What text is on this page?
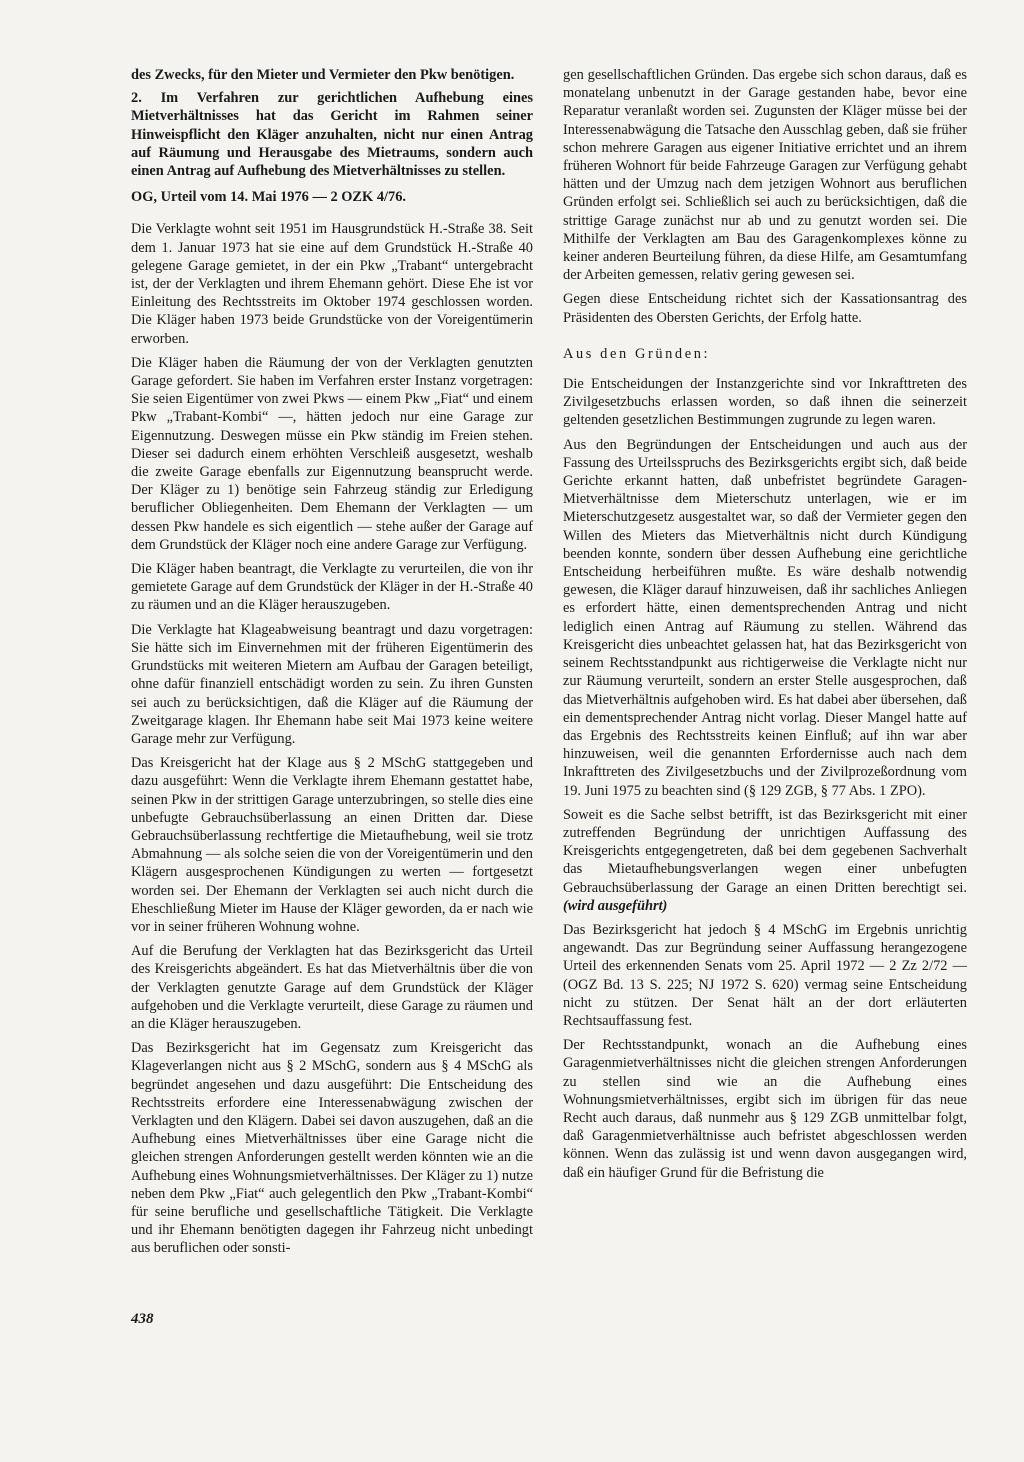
des Zwecks, für den Mieter und Vermieter den Pkw benötigen.

2. Im Verfahren zur gerichtlichen Aufhebung eines Mietverhältnisses hat das Gericht im Rahmen seiner Hinweispflicht den Kläger anzuhalten, nicht nur einen Antrag auf Räumung und Herausgabe des Mietraums, sondern auch einen Antrag auf Aufhebung des Mietverhältnisses zu stellen.

OG, Urteil vom 14. Mai 1976 — 2 OZK 4/76.

Die Verklagte wohnt seit 1951 im Hausgrundstück H.-Straße 38. Seit dem 1. Januar 1973 hat sie eine auf dem Grundstück H.-Straße 40 gelegene Garage gemietet, in der ein Pkw „Trabant“ untergebracht ist, der der Verklagten und ihrem Ehemann gehört. Diese Ehe ist vor Einleitung des Rechtsstreits im Oktober 1974 geschlossen worden. Die Kläger haben 1973 beide Grundstücke von der Voreigentümerin erworben.

Die Kläger haben die Räumung der von der Verklagten genutzten Garage gefordert. Sie haben im Verfahren erster Instanz vorgetragen: Sie seien Eigentümer von zwei Pkws — einem Pkw „Fiat“ und einem Pkw „Trabant-Kombi“ —, hätten jedoch nur eine Garage zur Eigennutzung. Deswegen müsse ein Pkw ständig im Freien stehen. Dieser sei dadurch einem erhöhten Verschleiß ausgesetzt, weshalb die zweite Garage ebenfalls zur Eigennutzung beansprucht werde. Der Kläger zu 1) benötige sein Fahrzeug ständig zur Erledigung beruflicher Obliegenheiten. Dem Ehemann der Verklagten — um dessen Pkw handele es sich eigentlich — stehe außer der Garage auf dem Grundstück der Kläger noch eine andere Garage zur Verfügung.

Die Kläger haben beantragt, die Verklagte zu verurteilen, die von ihr gemietete Garage auf dem Grundstück der Kläger in der H.-Straße 40 zu räumen und an die Kläger herauszugeben.

Die Verklagte hat Klageabweisung beantragt und dazu vorgetragen: Sie hätte sich im Einvernehmen mit der früheren Eigentümerin des Grundstücks mit weiteren Mietern am Aufbau der Garagen beteiligt, ohne dafür finanziell entschädigt worden zu sein. Zu ihren Gunsten sei auch zu berücksichtigen, daß die Kläger auf die Räumung der Zweitgarage klagen. Ihr Ehemann habe seit Mai 1973 keine weitere Garage mehr zur Verfügung.

Das Kreisgericht hat der Klage aus § 2 MSchG stattgegeben und dazu ausgeführt: Wenn die Verklagte ihrem Ehemann gestattet habe, seinen Pkw in der strittigen Garage unterzubringen, so stelle dies eine unbefugte Gebrauchsüberlassung an einen Dritten dar. Diese Gebrauchsüberlassung rechtfertige die Mietaufhebung, weil sie trotz Abmahnung — als solche seien die von der Voreigentümerin und den Klägern ausgesprochenen Kündigungen zu werten — fortgesetzt worden sei. Der Ehemann der Verklagten sei auch nicht durch die Eheschließung Mieter im Hause der Kläger geworden, da er nach wie vor in seiner früheren Wohnung wohne.

Auf die Berufung der Verklagten hat das Bezirksgericht das Urteil des Kreisgerichts abgeändert. Es hat das Mietverhältnis über die von der Verklagten genutzte Garage auf dem Grundstück der Kläger aufgehoben und die Verklagte verurteilt, diese Garage zu räumen und an die Kläger herauszugeben.

Das Bezirksgericht hat im Gegensatz zum Kreisgericht das Klageverlangen nicht aus § 2 MSchG, sondern aus § 4 MSchG als begründet angesehen und dazu ausgeführt: Die Entscheidung des Rechtsstreits erfordere eine Interessenabwägung zwischen der Verklagten und den Klägern. Dabei sei davon auszugehen, daß an die Aufhebung eines Mietverhältnisses über eine Garage nicht die gleichen strengen Anforderungen gestellt werden könnten wie an die Aufhebung eines Wohnungsmietverhältnisses. Der Kläger zu 1) nutze neben dem Pkw „Fiat“ auch gelegentlich den Pkw „Trabant-Kombi“ für seine berufliche und gesellschaftliche Tätigkeit. Die Verklagte und ihr Ehemann benötigten dagegen ihr Fahrzeug nicht unbedingt aus beruflichen oder sonsti-

gen gesellschaftlichen Gründen. Das ergebe sich schon daraus, daß es monatelang unbenutzt in der Garage gestanden habe, bevor eine Reparatur veranlaßt worden sei. Zugunsten der Kläger müsse bei der Interessenabwägung die Tatsache den Ausschlag geben, daß sie früher schon mehrere Garagen aus eigener Initiative errichtet und an ihrem früheren Wohnort für beide Fahrzeuge Garagen zur Verfügung gehabt hätten und der Umzug nach dem jetzigen Wohnort aus beruflichen Gründen erfolgt sei. Schließlich sei auch zu berücksichtigen, daß die strittige Garage zunächst nur ab und zu genutzt worden sei. Die Mithilfe der Verklagten am Bau des Garagenkomplexes könne zu keiner anderen Beurteilung führen, da diese Hilfe, am Gesamtumfang der Arbeiten gemessen, relativ gering gewesen sei.

Gegen diese Entscheidung richtet sich der Kassationsantrag des Präsidenten des Obersten Gerichts, der Erfolg hatte.

Aus den Gründen:

Die Entscheidungen der Instanzgerichte sind vor Inkrafttreten des Zivilgesetzbuchs erlassen worden, so daß ihnen die seinerzeit geltenden gesetzlichen Bestimmungen zugrunde zu legen waren.

Aus den Begründungen der Entscheidungen und auch aus der Fassung des Urteilsspruchs des Bezirksgerichts ergibt sich, daß beide Gerichte erkannt hatten, daß unbefristet begründete Garagen-Mietverhältnisse dem Mieterschutz unterlagen, wie er im Mieterschutzgesetz ausgestaltet war, so daß der Vermieter gegen den Willen des Mieters das Mietverhältnis nicht durch Kündigung beenden konnte, sondern über dessen Aufhebung eine gerichtliche Entscheidung herbeiführen mußte. Es wäre deshalb notwendig gewesen, die Kläger darauf hinzuweisen, daß ihr sachliches Anliegen es erfordert hätte, einen dementsprechenden Antrag und nicht lediglich einen Antrag auf Räumung zu stellen. Während das Kreisgericht dies unbeachtet gelassen hat, hat das Bezirksgericht von seinem Rechtsstandpunkt aus richtigerweise die Verklagte nicht nur zur Räumung verurteilt, sondern an erster Stelle ausgesprochen, daß das Mietverhältnis aufgehoben wird. Es hat dabei aber übersehen, daß ein dementsprechender Antrag nicht vorlag. Dieser Mangel hatte auf das Ergebnis des Rechtsstreits keinen Einfluß; auf ihn war aber hinzuweisen, weil die genannten Erfordernisse auch nach dem Inkrafttreten des Zivilgesetzbuchs und der Zivilprozeßordnung vom 19. Juni 1975 zu beachten sind (§ 129 ZGB, § 77 Abs. 1 ZPO).

Soweit es die Sache selbst betrifft, ist das Bezirksgericht mit einer zutreffenden Begründung der unrichtigen Auffassung des Kreisgerichts entgegengetreten, daß bei dem gegebenen Sachverhalt das Mietaufhebungsverlangen wegen einer unbefugten Gebrauchsüberlassung der Garage an einen Dritten berechtigt sei. (wird ausgeführt)

Das Bezirksgericht hat jedoch § 4 MSchG im Ergebnis unrichtig angewandt. Das zur Begründung seiner Auffassung herangezogene Urteil des erkennenden Senats vom 25. April 1972 — 2 Zz 2/72 — (OGZ Bd. 13 S. 225; NJ 1972 S. 620) vermag seine Entscheidung nicht zu stützen. Der Senat hält an der dort erläuterten Rechtsauffassung fest.

Der Rechtsstandpunkt, wonach an die Aufhebung eines Garagenmietverhältnisses nicht die gleichen strengen Anforderungen zu stellen sind wie an die Aufhebung eines Wohnungsmietverhältnisses, ergibt sich im übrigen für das neue Recht auch daraus, daß nunmehr aus § 129 ZGB unmittelbar folgt, daß Garagenmietverhältnisse auch befristet abgeschlossen werden können. Wenn das zulässig ist und wenn davon ausgegangen wird, daß ein häufiger Grund für die Befristung die

438
